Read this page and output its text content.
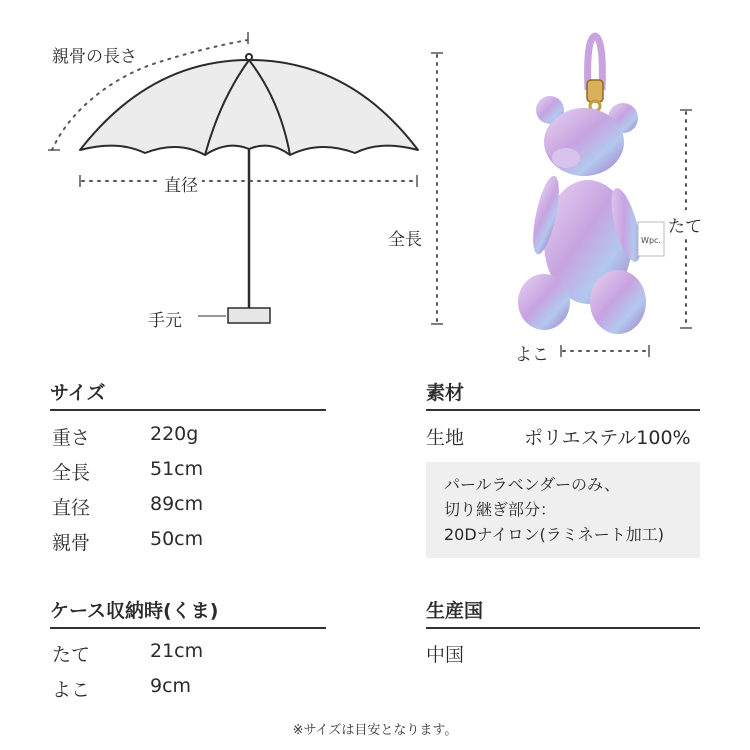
親骨の長さ
直径
全長
手元
Wpc.
たて
よこ
サイズ
重さ	220g
全長	51cm
直径	89cm
親骨	50cm
素材
生地	ポリエステル100%
パールラベンダーのみ、
切り継ぎ部分：
20Dナイロン(ラミネート加工)
ケース収納時(くま)
たて	21cm
よこ	9cm
生産国
中国
※サイズは目安となります。
